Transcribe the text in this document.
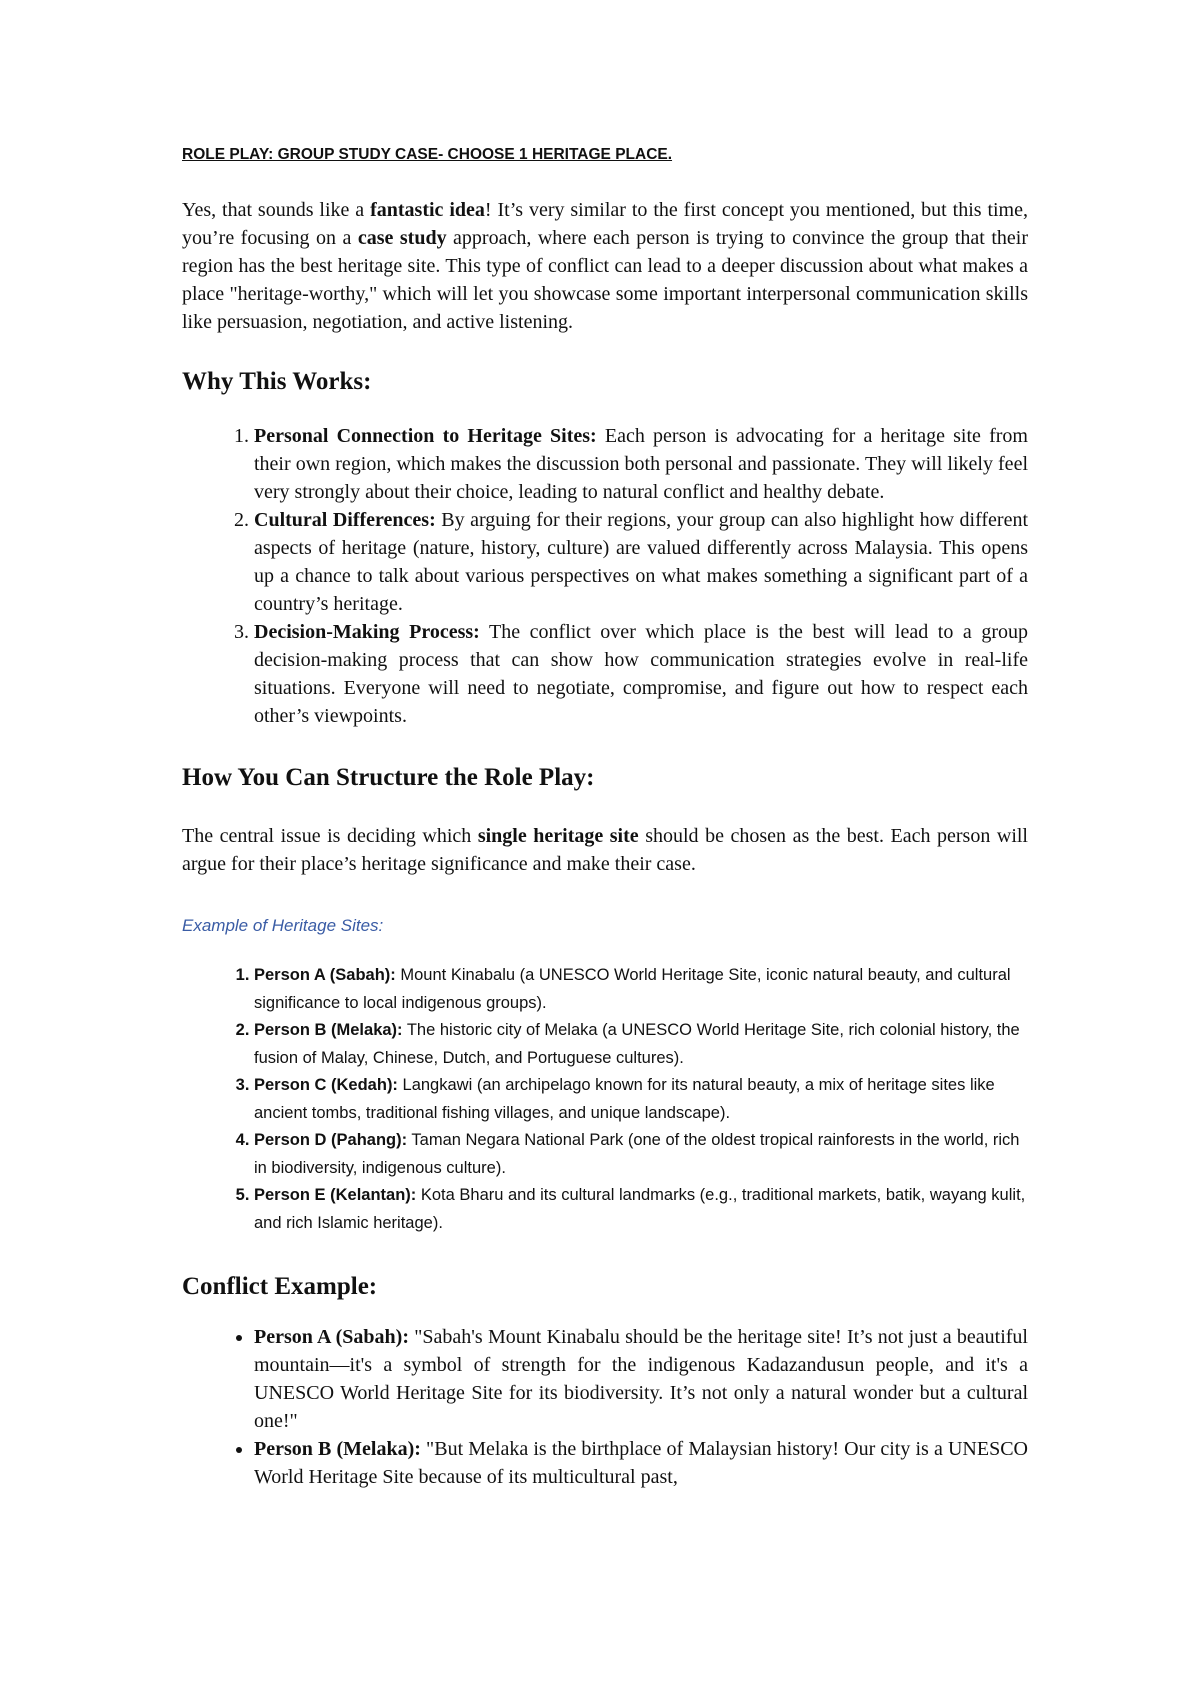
ROLE PLAY: GROUP STUDY CASE- CHOOSE 1 HERITAGE PLACE.

Yes, that sounds like a fantastic idea! It’s very similar to the first concept you mentioned, but this time, you’re focusing on a case study approach, where each person is trying to convince the group that their region has the best heritage site. This type of conflict can lead to a deeper discussion about what makes a place "heritage-worthy," which will let you showcase some important interpersonal communication skills like persuasion, negotiation, and active listening.

Why This Works:
1. Personal Connection to Heritage Sites: Each person is advocating for a heritage site from their own region, which makes the discussion both personal and passionate. They will likely feel very strongly about their choice, leading to natural conflict and healthy debate.
2. Cultural Differences: By arguing for their regions, your group can also highlight how different aspects of heritage (nature, history, culture) are valued differently across Malaysia. This opens up a chance to talk about various perspectives on what makes something a significant part of a country’s heritage.
3. Decision-Making Process: The conflict over which place is the best will lead to a group decision-making process that can show how communication strategies evolve in real-life situations. Everyone will need to negotiate, compromise, and figure out how to respect each other’s viewpoints.
How You Can Structure the Role Play:

The central issue is deciding which single heritage site should be chosen as the best. Each person will argue for their place’s heritage significance and make their case.

Example of Heritage Sites:

1. Person A (Sabah): Mount Kinabalu (a UNESCO World Heritage Site, iconic natural beauty, and cultural significance to local indigenous groups).
2. Person B (Melaka): The historic city of Melaka (a UNESCO World Heritage Site, rich colonial history, the fusion of Malay, Chinese, Dutch, and Portuguese cultures).
3. Person C (Kedah): Langkawi (an archipelago known for its natural beauty, a mix of heritage sites like ancient tombs, traditional fishing villages, and unique landscape).
4. Person D (Pahang): Taman Negara National Park (one of the oldest tropical rainforests in the world, rich in biodiversity, indigenous culture).
5. Person E (Kelantan): Kota Bharu and its cultural landmarks (e.g., traditional markets, batik, wayang kulit, and rich Islamic heritage).
Conflict Example:
• Person A (Sabah): "Sabah's Mount Kinabalu should be the heritage site! It’s not just a beautiful mountain—it's a symbol of strength for the indigenous Kadazandusun people, and it's a UNESCO World Heritage Site for its biodiversity. It’s not only a natural wonder but a cultural one!"
• Person B (Melaka): "But Melaka is the birthplace of Malaysian history! Our city is a UNESCO World Heritage Site because of its multicultural past,
